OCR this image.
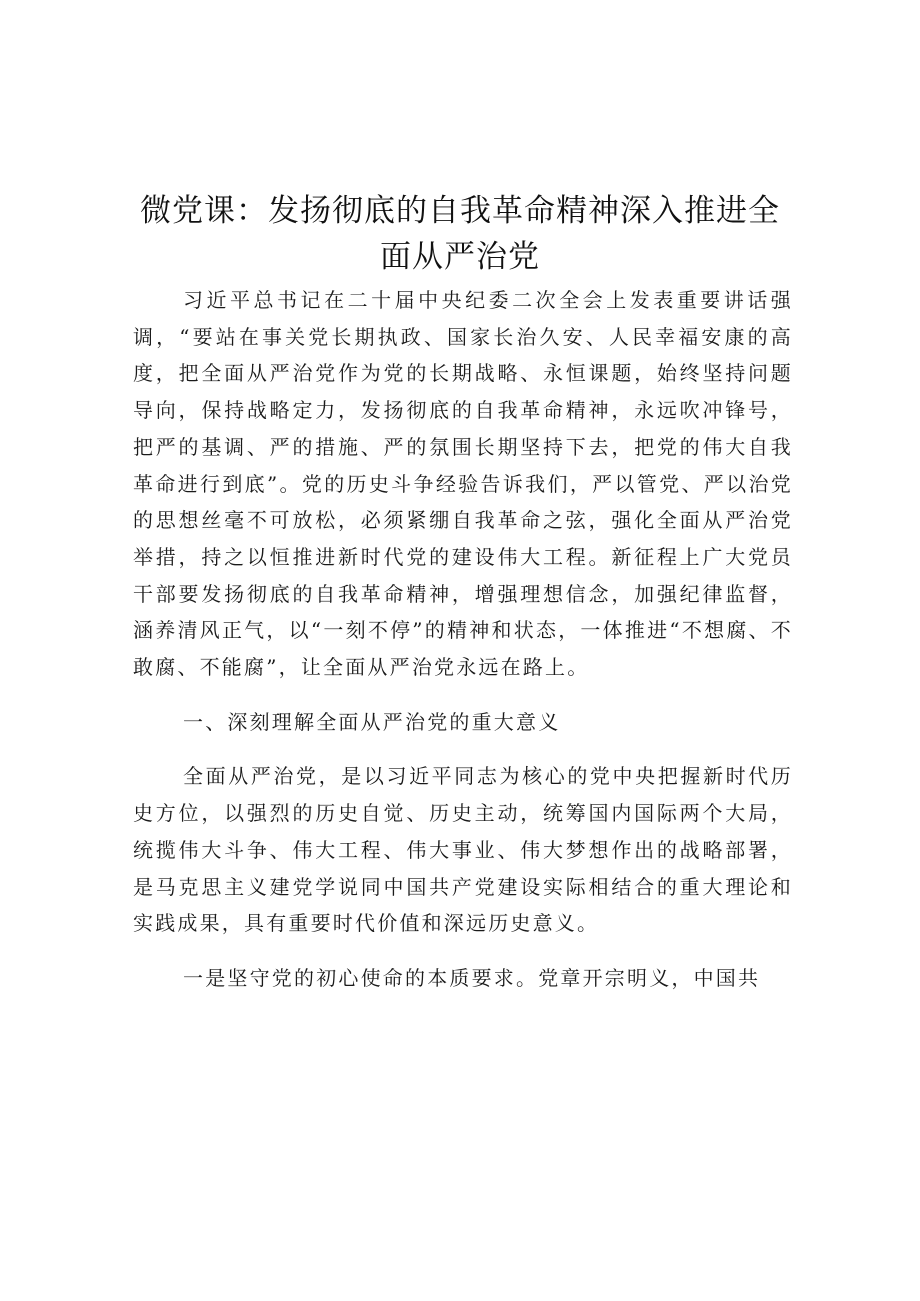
微党课：发扬彻底的自我革命精神深入推进全面从严治党

习近平总书记在二十届中央纪委二次全会上发表重要讲话强调，“要站在事关党长期执政、国家长治久安、人民幸福安康的高度，把全面从严治党作为党的长期战略、永恒课题，始终坚持问题导向，保持战略定力，发扬彻底的自我革命精神，永远吹冲锋号，把严的基调、严的措施、严的氛围长期坚持下去，把党的伟大自我革命进行到底”。党的历史斗争经验告诉我们，严以管党、严以治党的思想丝毫不可放松，必须紧绷自我革命之弦，强化全面从严治党举措，持之以恒推进新时代党的建设伟大工程。新征程上广大党员干部要发扬彻底的自我革命精神，增强理想信念，加强纪律监督，涵养清风正气，以“一刻不停”的精神和状态，一体推进“不想腐、不敢腐、不能腐”，让全面从严治党永远在路上。

一、深刻理解全面从严治党的重大意义

全面从严治党，是以习近平同志为核心的党中央把握新时代历史方位，以强烈的历史自觉、历史主动，统筹国内国际两个大局，统揽伟大斗争、伟大工程、伟大事业、伟大梦想作出的战略部署，是马克思主义建党学说同中国共产党建设实际相结合的重大理论和实践成果，具有重要时代价值和深远历史意义。

一是坚守党的初心使命的本质要求。党章开宗明义，中国共
